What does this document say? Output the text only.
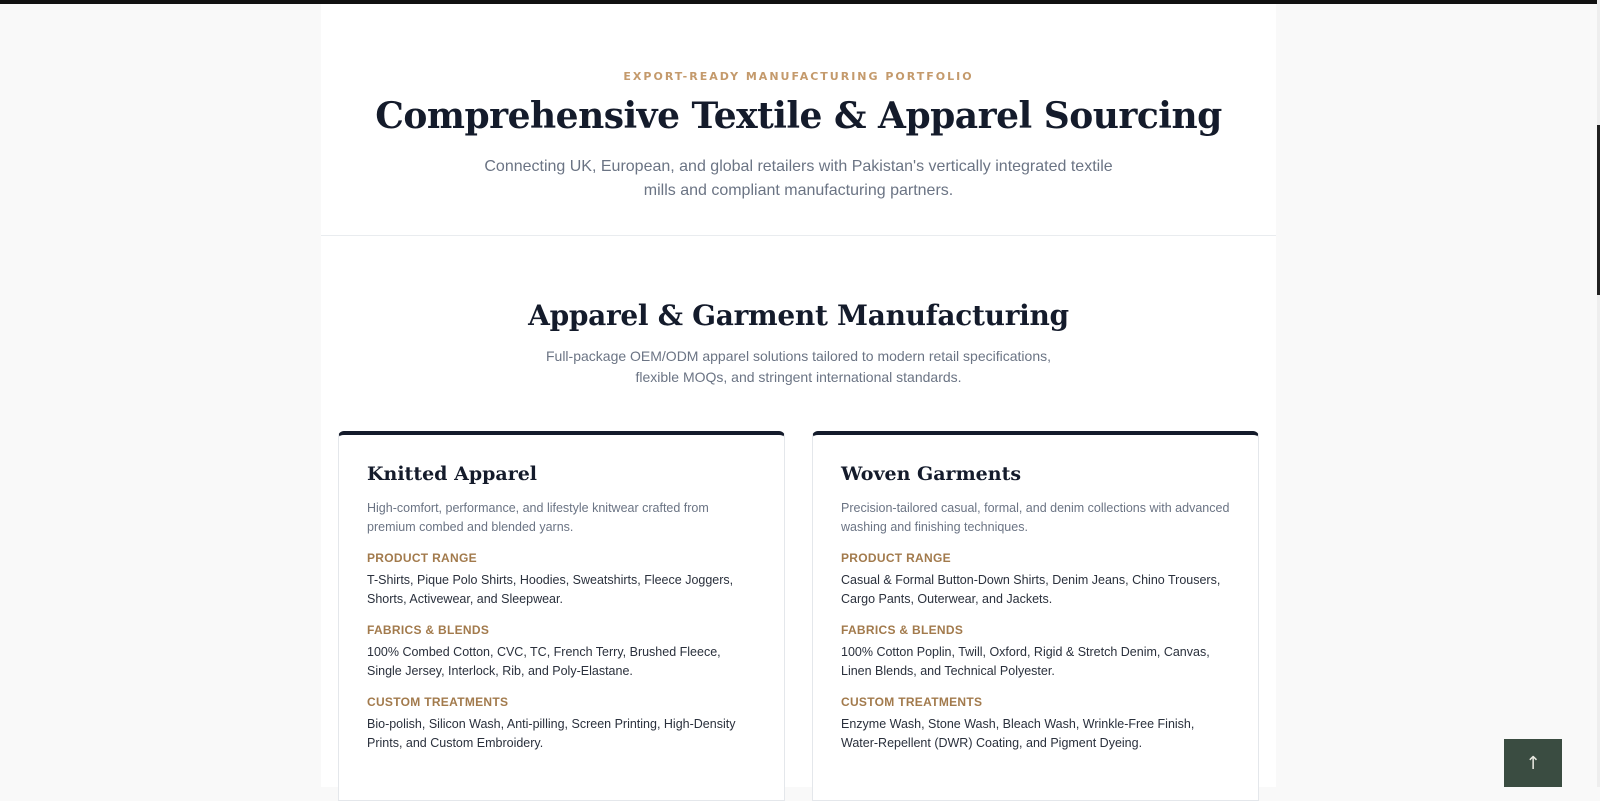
EXPORT-READY MANUFACTURING PORTFOLIO
Comprehensive Textile & Apparel Sourcing

Connecting UK, European, and global retailers with Pakistan's vertically integrated textile mills and compliant manufacturing partners.

Apparel & Garment Manufacturing

Full-package OEM/ODM apparel solutions tailored to modern retail specifications, flexible MOQs, and stringent international standards.

Knitted Apparel

High-comfort, performance, and lifestyle knitwear crafted from premium combed and blended yarns.

PRODUCT RANGE

T-Shirts, Pique Polo Shirts, Hoodies, Sweatshirts, Fleece Joggers, Shorts, Activewear, and Sleepwear.

FABRICS & BLENDS

100% Combed Cotton, CVC, TC, French Terry, Brushed Fleece, Single Jersey, Interlock, Rib, and Poly-Elastane.

CUSTOM TREATMENTS

Bio-polish, Silicon Wash, Anti-pilling, Screen Printing, High-Density Prints, and Custom Embroidery.

Woven Garments

Precision-tailored casual, formal, and denim collections with advanced washing and finishing techniques.

PRODUCT RANGE

Casual & Formal Button-Down Shirts, Denim Jeans, Chino Trousers, Cargo Pants, Outerwear, and Jackets.

FABRICS & BLENDS

100% Cotton Poplin, Twill, Oxford, Rigid & Stretch Denim, Canvas, Linen Blends, and Technical Polyester.

CUSTOM TREATMENTS

Enzyme Wash, Stone Wash, Bleach Wash, Wrinkle-Free Finish, Water-Repellent (DWR) Coating, and Pigment Dyeing.

↑
